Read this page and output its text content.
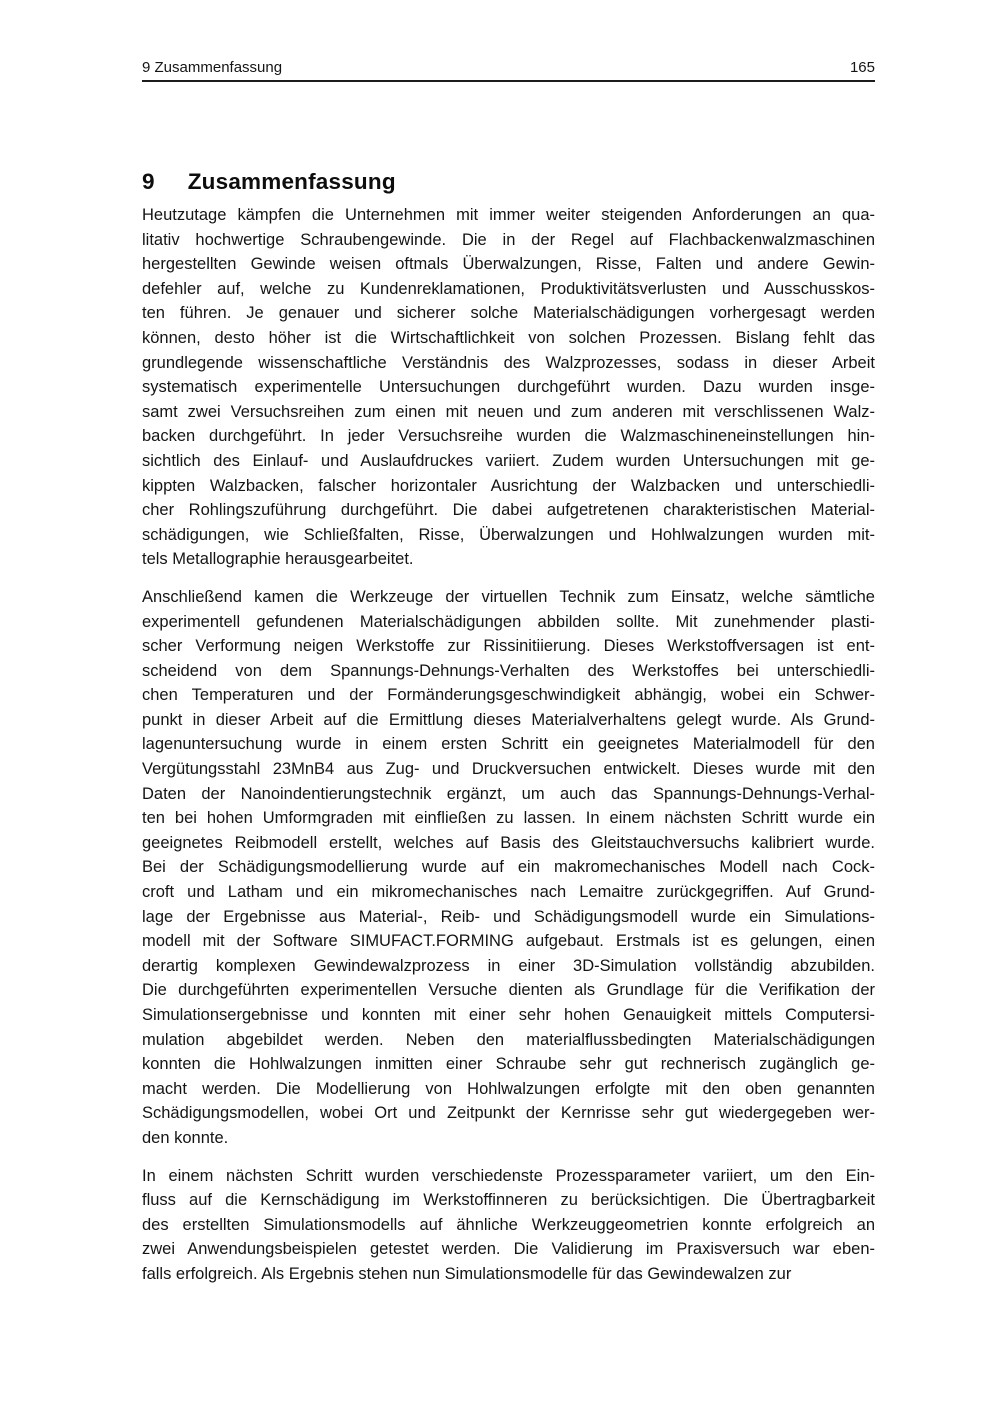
9 Zusammenfassung	165
9 Zusammenfassung

Heutzutage kämpfen die Unternehmen mit immer weiter steigenden Anforderungen an qua-
litativ hochwertige Schraubengewinde. Die in der Regel auf Flachbackenwalzmaschinen
hergestellten Gewinde weisen oftmals Überwalzungen, Risse, Falten und andere Gewin-
defehler auf, welche zu Kundenreklamationen, Produktivitätsverlusten und Ausschusskos-
ten führen. Je genauer und sicherer solche Materialschädigungen vorhergesagt werden
können, desto höher ist die Wirtschaftlichkeit von solchen Prozessen. Bislang fehlt das
grundlegende wissenschaftliche Verständnis des Walzprozesses, sodass in dieser Arbeit
systematisch experimentelle Untersuchungen durchgeführt wurden. Dazu wurden insge-
samt zwei Versuchsreihen zum einen mit neuen und zum anderen mit verschlissenen Walz-
backen durchgeführt. In jeder Versuchsreihe wurden die Walzmaschineneinstellungen hin-
sichtlich des Einlauf- und Auslaufdruckes variiert. Zudem wurden Untersuchungen mit ge-
kippten Walzbacken, falscher horizontaler Ausrichtung der Walzbacken und unterschiedli-
cher Rohlingszuführung durchgeführt. Die dabei aufgetretenen charakteristischen Material-
schädigungen, wie Schließfalten, Risse, Überwalzungen und Hohlwalzungen wurden mit-
tels Metallographie herausgearbeitet.

Anschließend kamen die Werkzeuge der virtuellen Technik zum Einsatz, welche sämtliche
experimentell gefundenen Materialschädigungen abbilden sollte. Mit zunehmender plasti-
scher Verformung neigen Werkstoffe zur Rissinitiierung. Dieses Werkstoffversagen ist ent-
scheidend von dem Spannungs-Dehnungs-Verhalten des Werkstoffes bei unterschiedli-
chen Temperaturen und der Formänderungsgeschwindigkeit abhängig, wobei ein Schwer-
punkt in dieser Arbeit auf die Ermittlung dieses Materialverhaltens gelegt wurde. Als Grund-
lagenuntersuchung wurde in einem ersten Schritt ein geeignetes Materialmodell für den
Vergütungsstahl 23MnB4 aus Zug- und Druckversuchen entwickelt. Dieses wurde mit den
Daten der Nanoindentierungstechnik ergänzt, um auch das Spannungs-Dehnungs-Verhal-
ten bei hohen Umformgraden mit einfließen zu lassen. In einem nächsten Schritt wurde ein
geeignetes Reibmodell erstellt, welches auf Basis des Gleitstauchversuchs kalibriert wurde.
Bei der Schädigungsmodellierung wurde auf ein makromechanisches Modell nach Cock-
croft und Latham und ein mikromechanisches nach Lemaitre zurückgegriffen. Auf Grund-
lage der Ergebnisse aus Material-, Reib- und Schädigungsmodell wurde ein Simulations-
modell mit der Software SIMUFACT.FORMING aufgebaut. Erstmals ist es gelungen, einen
derartig komplexen Gewindewalzprozess in einer 3D-Simulation vollständig abzubilden.
Die durchgeführten experimentellen Versuche dienten als Grundlage für die Verifikation der
Simulationsergebnisse und konnten mit einer sehr hohen Genauigkeit mittels Computersi-
mulation abgebildet werden. Neben den materialflussbedingten Materialschädigungen
konnten die Hohlwalzungen inmitten einer Schraube sehr gut rechnerisch zugänglich ge-
macht werden. Die Modellierung von Hohlwalzungen erfolgte mit den oben genannten
Schädigungsmodellen, wobei Ort und Zeitpunkt der Kernrisse sehr gut wiedergegeben wer-
den konnte.

In einem nächsten Schritt wurden verschiedenste Prozessparameter variiert, um den Ein-
fluss auf die Kernschädigung im Werkstoffinneren zu berücksichtigen. Die Übertragbarkeit
des erstellten Simulationsmodells auf ähnliche Werkzeuggeometrien konnte erfolgreich an
zwei Anwendungsbeispielen getestet werden. Die Validierung im Praxisversuch war eben-
falls erfolgreich. Als Ergebnis stehen nun Simulationsmodelle für das Gewindewalzen zur
